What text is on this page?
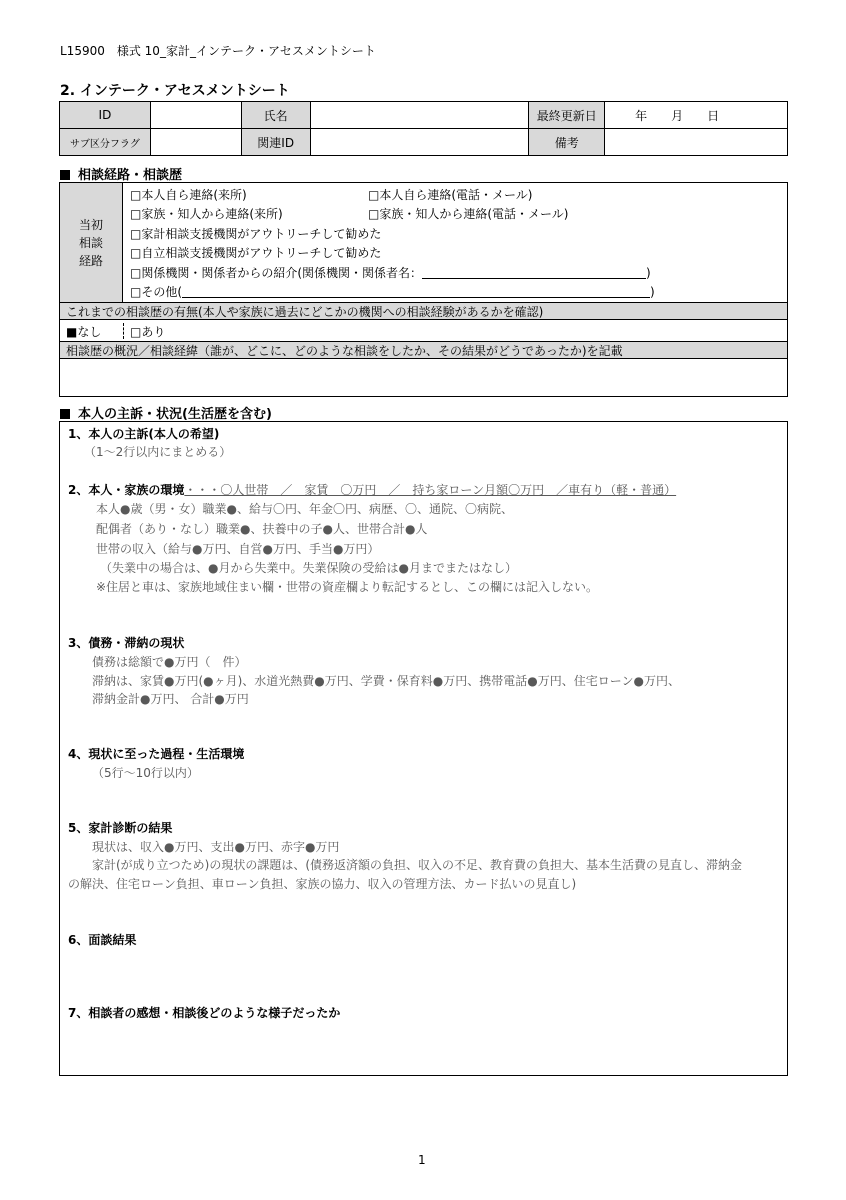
L15900　様式 10_家計_インテーク・アセスメントシート
2. インテーク・アセスメントシート
ID		氏名		最終更新日	年　　月　　日
サブ区分フラグ		関連ID		備考	
相談経路・相談歴
当初
相談
経路
□本人自ら連絡(来所)	□本人自ら連絡(電話・メール)
□家族・知人から連絡(来所)	□家族・知人から連絡(電話・メール)
□家計相談支援機関がアウトリーチして勧めた
□自立相談支援機関がアウトリーチして勧めた
□関係機関・関係者からの紹介(関係機関・関係者名：	)
□その他(	)
これまでの相談歴の有無(本人や家族に過去にどこかの機関への相談経験があるかを確認)
■なし □あり
相談歴の概況／相談経緯（誰が、どこに、どのような相談をしたか、その結果がどうであったか)を記載
本人の主訴・状況(生活歴を含む)
1、本人の主訴(本人の希望)
（1～2行以内にまとめる）
2、本人・家族の環境・・・〇人世帯　／　家賃　〇万円　／　持ち家ローン月額〇万円　／車有り（軽・普通）
本人●歳（男・女）職業●、給与〇円、年金〇円、病歴、〇、通院、〇病院、
配偶者（あり・なし）職業●、扶養中の子●人、世帯合計●人
世帯の収入（給与●万円、自営●万円、手当●万円）
（失業中の場合は、●月から失業中。失業保険の受給は●月までまたはなし）
※住居と車は、家族地域住まい欄・世帯の資産欄より転記するとし、この欄には記入しない。
3、債務・滞納の現状
債務は総額で●万円（　件）
滞納は、家賃●万円(●ヶ月)、水道光熱費●万円、学費・保育料●万円、携帯電話●万円、住宅ローン●万円、
滞納金計●万円、 合計●万円
4、現状に至った過程・生活環境
（5行～10行以内）
5、家計診断の結果
現状は、収入●万円、支出●万円、赤字●万円
家計(が成り立つため)の現状の課題は、(債務返済額の負担、収入の不足、教育費の負担大、基本生活費の見直し、滞納金
の解決、住宅ローン負担、車ローン負担、家族の協力、収入の管理方法、カード払いの見直し)
6、面談結果
7、相談者の感想・相談後どのような様子だったか
1
